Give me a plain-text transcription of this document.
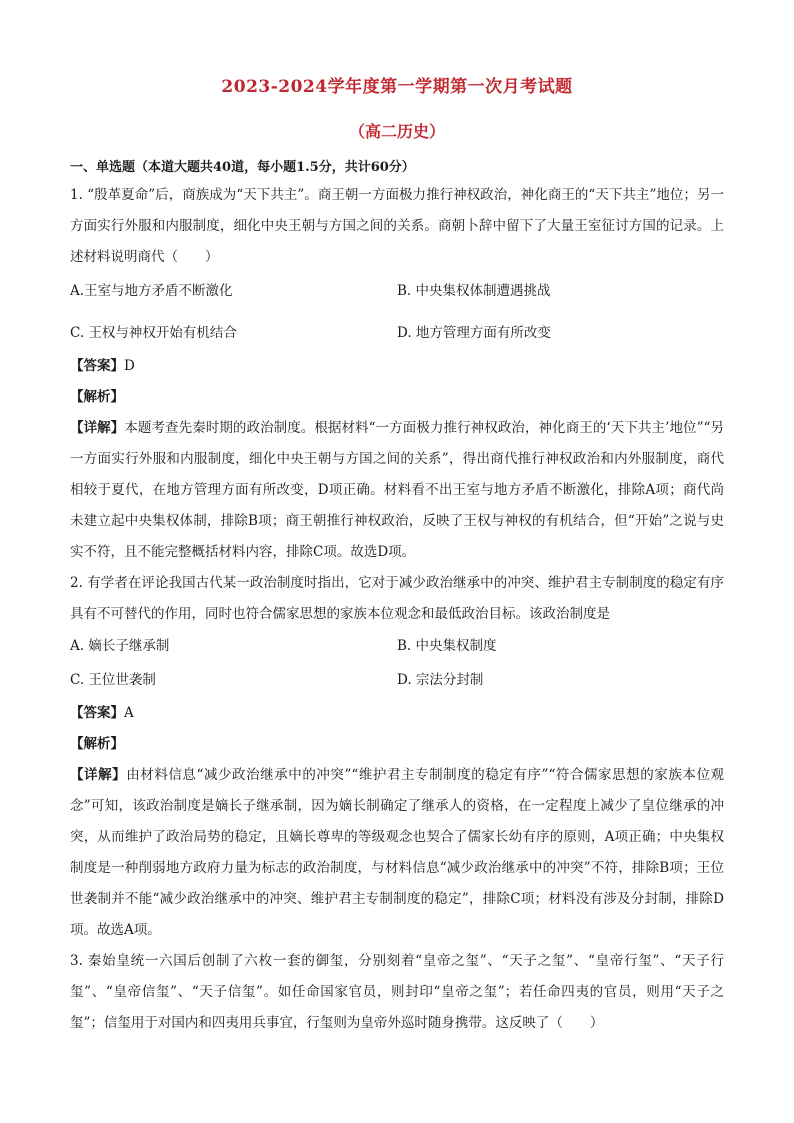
2023-2024学年度第一学期第一次月考试题
（高二历史）
一、单选题（本道大题共40道，每小题1.5分，共计60分）

1. “殷革夏命”后，商族成为“天下共主”。商王朝一方面极力推行神权政治，神化商王的“天下共主”地位；另一方面实行外服和内服制度，细化中央王朝与方国之间的关系。商朝卜辞中留下了大量王室征讨方国的记录。上述材料说明商代（　　）

A.王室与地方矛盾不断激化	B. 中央集权体制遭遇挑战
C. 王权与神权开始有机结合	D. 地方管理方面有所改变
【答案】D
【解析】

【详解】本题考查先秦时期的政治制度。根据材料“一方面极力推行神权政治，神化商王的‘天下共主’地位”“另一方面实行外服和内服制度，细化中央王朝与方国之间的关系”，得出商代推行神权政治和内外服制度，商代相较于夏代，在地方管理方面有所改变，D项正确。材料看不出王室与地方矛盾不断激化，排除A项；商代尚未建立起中央集权体制，排除B项；商王朝推行神权政治，反映了王权与神权的有机结合，但“开始”之说与史实不符，且不能完整概括材料内容，排除C项。故选D项。

2. 有学者在评论我国古代某一政治制度时指出，它对于减少政治继承中的冲突、维护君主专制制度的稳定有序具有不可替代的作用，同时也符合儒家思想的家族本位观念和最低政治目标。该政治制度是

A. 嫡长子继承制	B. 中央集权制度
C. 王位世袭制	D. 宗法分封制
【答案】A
【解析】

【详解】由材料信息“减少政治继承中的冲突”“维护君主专制制度的稳定有序”“符合儒家思想的家族本位观念”可知，该政治制度是嫡长子继承制，因为嫡长制确定了继承人的资格，在一定程度上减少了皇位继承的冲突，从而维护了政治局势的稳定，且嫡长尊卑的等级观念也契合了儒家长幼有序的原则，A项正确；中央集权制度是一种削弱地方政府力量为标志的政治制度，与材料信息“减少政治继承中的冲突”不符，排除B项；王位世袭制并不能“减少政治继承中的冲突、维护君主专制制度的稳定”，排除C项；材料没有涉及分封制，排除D项。故选A项。

3. 秦始皇统一六国后创制了六枚一套的御玺，分别刻着“皇帝之玺”、“天子之玺”、“皇帝行玺”、“天子行玺”、“皇帝信玺”、“天子信玺”。如任命国家官员，则封印“皇帝之玺”；若任命四夷的官员，则用“天子之玺”；信玺用于对国内和四夷用兵事宜，行玺则为皇帝外巡时随身携带。这反映了（　　）
